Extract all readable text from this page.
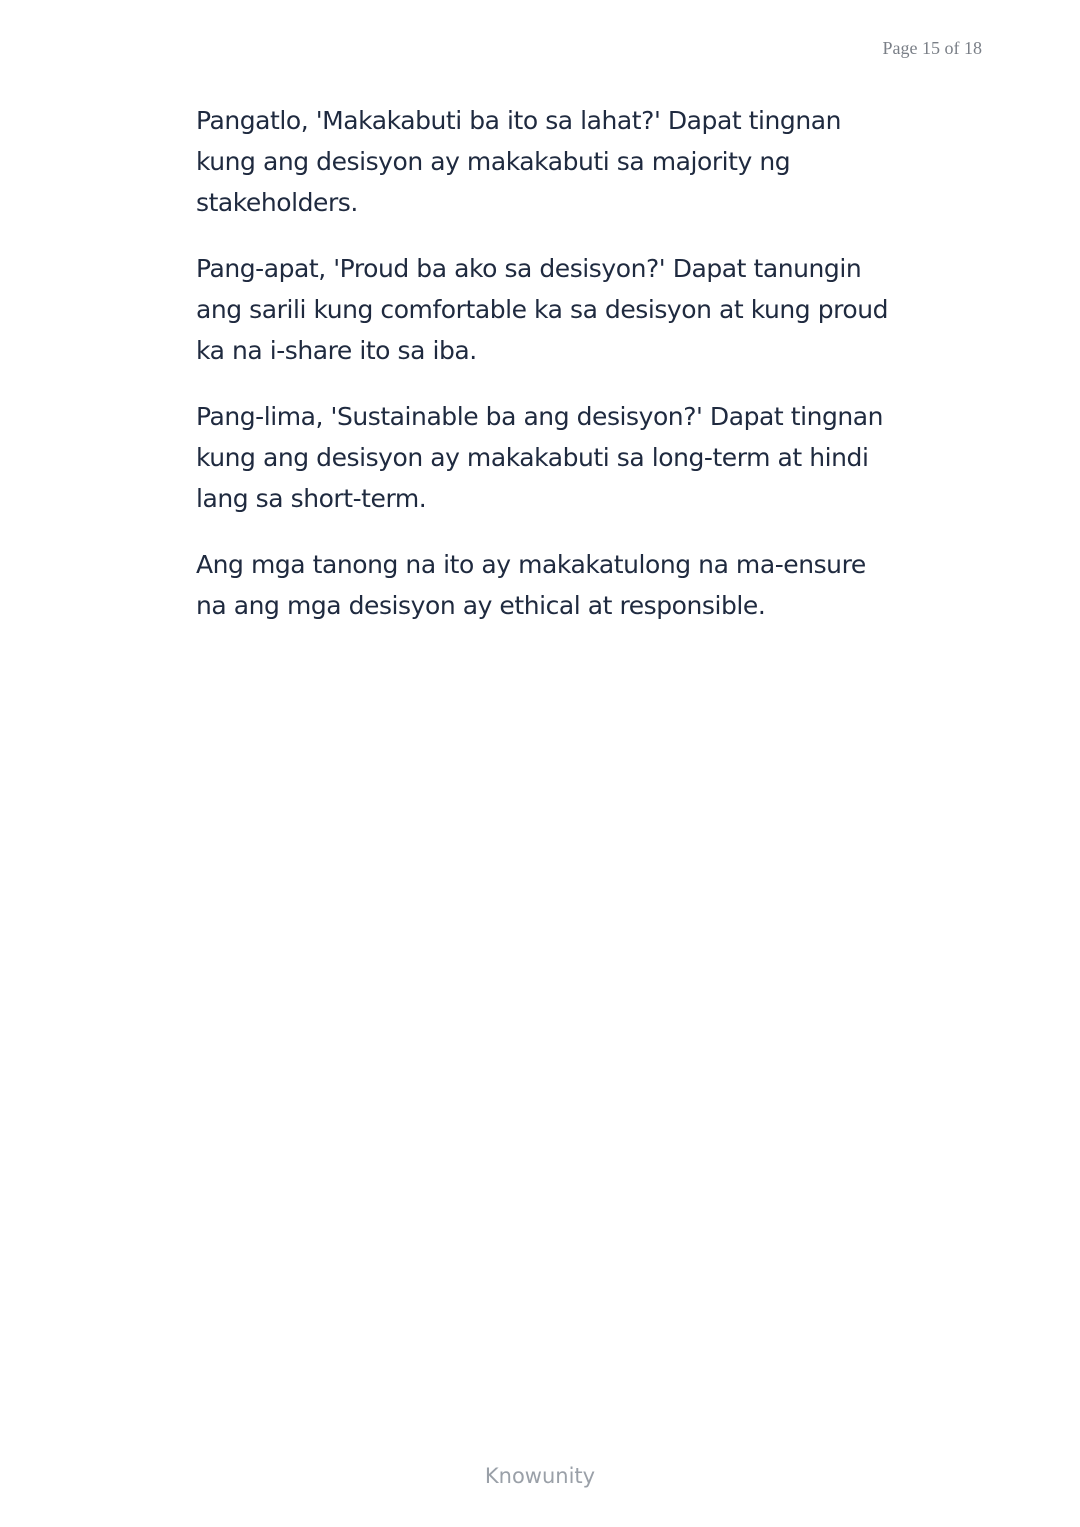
Page 15 of 18

Pangatlo, 'Makakabuti ba ito sa lahat?' Dapat tingnan kung ang desisyon ay makakabuti sa majority ng stakeholders.

Pang-apat, 'Proud ba ako sa desisyon?' Dapat tanungin ang sarili kung comfortable ka sa desisyon at kung proud ka na i-share ito sa iba.

Pang-lima, 'Sustainable ba ang desisyon?' Dapat tingnan kung ang desisyon ay makakabuti sa long-term at hindi lang sa short-term.

Ang mga tanong na ito ay makakatulong na ma-ensure na ang mga desisyon ay ethical at responsible.

Knowunity
